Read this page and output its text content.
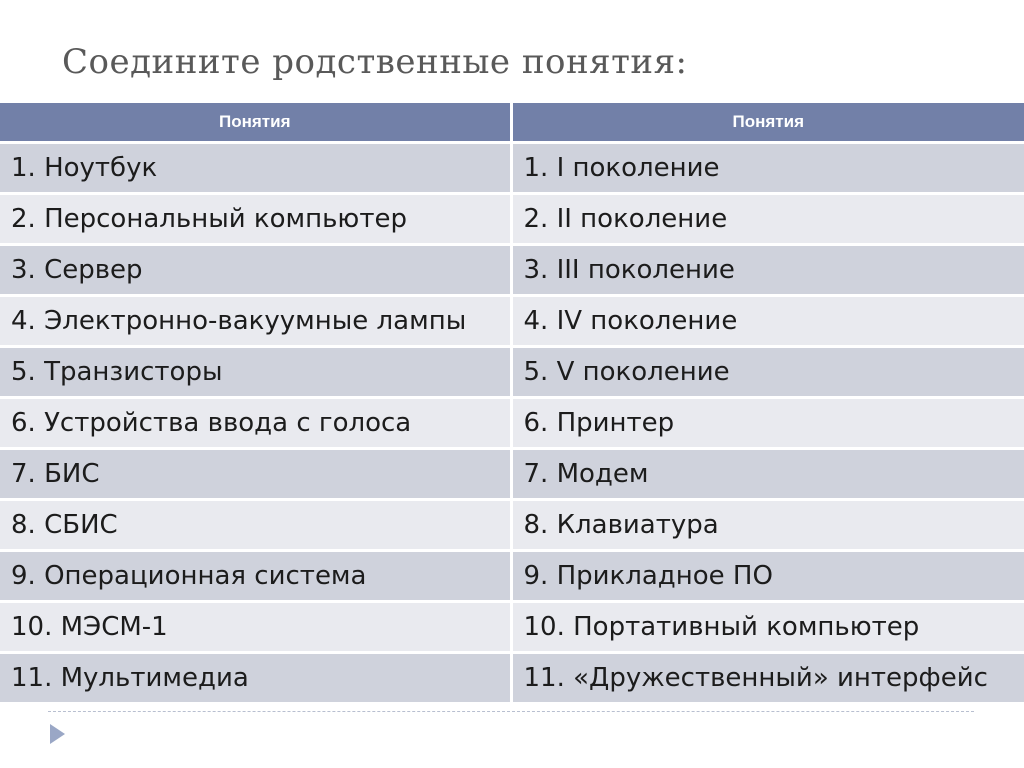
Соедините родственные понятия:
Понятия	Понятия
1. Ноутбук	1. I поколение
2. Персональный компьютер	2. II поколение
3. Сервер	3. III поколение
4. Электронно-вакуумные лампы	4. IV поколение
5. Транзисторы	5. V поколение
6. Устройства ввода с голоса	6. Принтер
7. БИС	7. Модем
8. СБИС	8. Клавиатура
9. Операционная система	9. Прикладное ПО
10. МЭСМ-1	10. Портативный компьютер
11. Мультимедиа	11. «Дружественный» интерфейс
